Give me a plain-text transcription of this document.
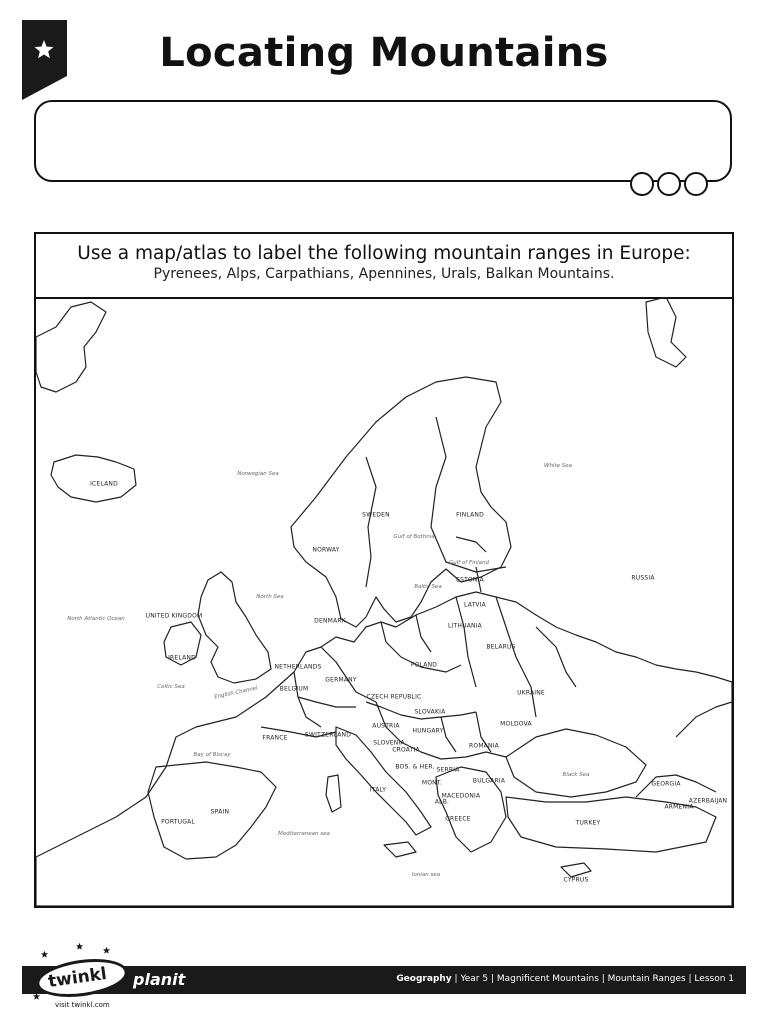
Locating Mountains
Use a map/atlas to label the following mountain ranges in Europe:
Pyrenees, Alps, Carpathians, Apennines, Urals, Balkan Mountains.
ICELAND
NORWAY
SWEDEN	FINLAND
RUSSIA
ESTONIA
LATVIA
LITHUANIA
DENMARK
UNITED KINGDOM
IRELAND
NETHERLANDS
BELGIUM
GERMANY
POLAND
BELARUS
UKRAINE
CZECH REPUBLIC
SLOVAKIA
FRANCE	SWITZERLAND
AUSTRIA
HUNGARY
MOLDOVA
ROMANIA
SLOVENIA
CROATIA
BOS. & HER. SERBIA
BULGARIA
MONT.
MACEDONIA
ALB.
ITALY
SPAIN
PORTUGAL	GREECE
TURKEY
GEORGIA
ARMENIA
AZERBAIJAN
CYPRUS
Norwegian Sea
White Sea
Gulf of Bothnia
Gulf of Finland
Baltic Sea
North Sea
North Atlantic Ocean
Celtic Sea	English Channel
Bay of Biscay
Black Sea
Mediterranean sea
Ionian sea
twinkl
visit twinkl.com
planit	Geography | Year 5 | Magnificent Mountains | Mountain Ranges | Lesson 1
